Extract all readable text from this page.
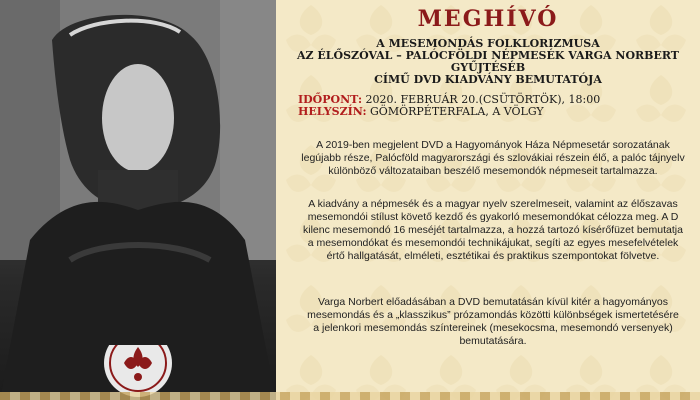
MEGHÍVÓ
A MESEMONDÁS FOLKLORIZMUSA
AZ ÉLŐSZÓVAL – PALÓCFÖLDI NÉPMESÉK VARGA NORBERT GYŰJTÉSÉB
CÍMŰ DVD KIADVÁNY BEMUTATÓJA
IDŐPONT: 2020. FEBRUÁR 20.(CSÜTÖRTÖK), 18:00
HELYSZÍN: GÖMÖRPÉTERFALA, A VÖLGY
A 2019-ben megjelent DVD a Hagyományok Háza Népmesetár sorozatának
legújabb része, Palócföld magyarországi és szlovákiai részein élő, a palóc tájnyelv
különböző változataiban beszélő mesemondók népmeseit tartalmazza.
A kiadvány a népmesék és a magyar nyelv szerelmeseit, valamint az élőszavas
mesemondói stílust követő kezdő és gyakorló mesemondókat célozza meg. A D
kilenc mesemondó 16 meséjét tartalmazza, a hozzá tartozó kísérőfüzet bemutatja
a mesemondókat és mesemondói technikájukat, segíti az egyes mesefelvételek
értő hallgatását, elméleti, esztétikai és praktikus szempontokat fölvetve.
Varga Norbert előadásában a DVD bemutatásán kívül kitér a hagyományos
mesemondás és a „klasszikus” prózamondás közötti különbségek ismertetésére
a jelenkori mesemondás színtereinek (mesekocsma, mesemondó versenyek)
bemutatására.
